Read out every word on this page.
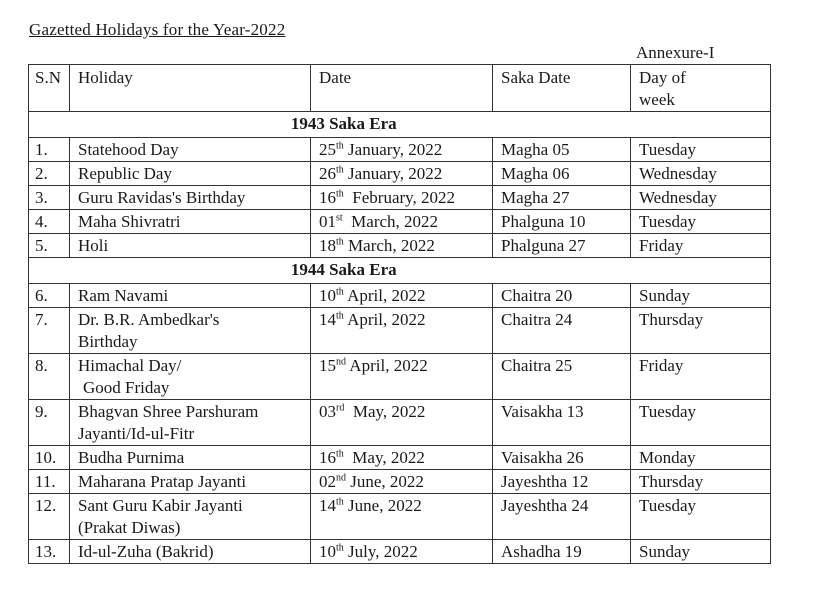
Gazetted Holidays for the Year-2022
Annexure-I
S.N	Holiday	Date	Saka Date	Day of
week
	1943 Saka Era			
1.	Statehood Day	25th January, 2022	Magha 05	Tuesday
2.	Republic Day	26th January, 2022	Magha 06	Wednesday
3.	Guru Ravidas's Birthday	16th  February, 2022	Magha 27	Wednesday
4.	Maha Shivratri	01st  March, 2022	Phalguna 10	Tuesday
5.	Holi	18th March, 2022	Phalguna 27	Friday
	1944 Saka Era			
6.	Ram Navami	10th April, 2022	Chaitra 20	Sunday
7.	Dr. B.R. Ambedkar's
Birthday	14th April, 2022	Chaitra 24	Thursday
8.	Himachal Day/
Good Friday	15nd April, 2022	Chaitra 25	Friday
9.	Bhagvan Shree Parshuram
Jayanti/Id-ul-Fitr	03rd  May, 2022	Vaisakha 13	Tuesday
10.	Budha Purnima	16th  May, 2022	Vaisakha 26	Monday
11.	Maharana Pratap Jayanti	02nd June, 2022	Jayeshtha 12	Thursday
12.	Sant Guru Kabir Jayanti
(Prakat Diwas)	14th June, 2022	Jayeshtha 24	Tuesday
13.	Id-ul-Zuha (Bakrid)	10th July, 2022	Ashadha 19	Sunday
